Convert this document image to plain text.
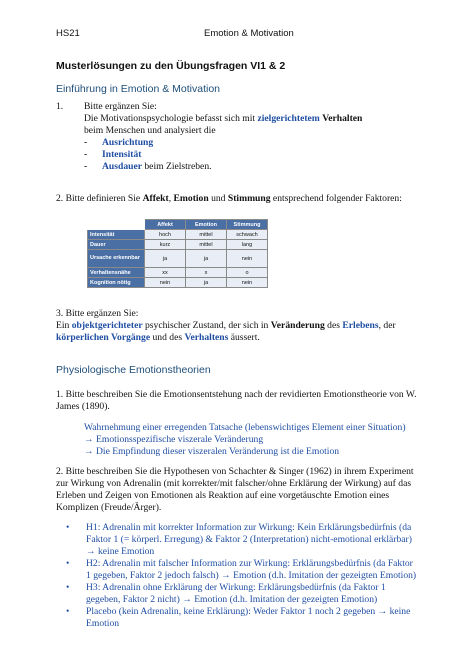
HS21	Emotion & Motivation
Musterlösungen zu den Übungsfragen VI1 & 2
Einführung in Emotion & Motivation
1. Bitte ergänzen Sie:
Die Motivationspsychologie befasst sich mit zielgerichtetem Verhalten
beim Menschen und analysiert die
- Ausrichtung
- Intensität
- Ausdauer beim Zielstreben.
2. Bitte definieren Sie Affekt, Emotion und Stimmung entsprechend folgender Faktoren:
	Affekt	Emotion	Stimmung
Intensität	hoch	mittel	schwach
Dauer	kurz	mittel	lang
Ursache erkennbar	ja	ja	nein
Verhaltensnähe	xx	x	o
Kognition nötig	nein	ja	nein
3. Bitte ergänzen Sie:
Ein objektgerichteter psychischer Zustand, der sich in Veränderung des Erlebens, der
körperlichen Vorgänge und des Verhaltens äussert.
Physiologische Emotionstheorien
1. Bitte beschreiben Sie die Emotionsentstehung nach der revidierten Emotionstheorie von W.
James (1890).
Wahrnehmung einer erregenden Tatsache (lebenswichtiges Element einer Situation)
→ Emotionsspezifische viszerale Veränderung
→ Die Empfindung dieser viszeralen Veränderung ist die Emotion
2. Bitte beschreiben Sie die Hypothesen von Schachter & Singer (1962) in ihrem Experiment
zur Wirkung von Adrenalin (mit korrekter/mit falscher/ohne Erklärung der Wirkung) auf das
Erleben und Zeigen von Emotionen als Reaktion auf eine vorgetäuschte Emotion eines
Komplizen (Freude/Ärger).
• H1: Adrenalin mit korrekter Information zur Wirkung: Kein Erklärungsbedürfnis (da
Faktor 1 (= körperl. Erregung) & Faktor 2 (Interpretation) nicht-emotional erklärbar)
→ keine Emotion
• H2: Adrenalin mit falscher Information zur Wirkung: Erklärungsbedürfnis (da Faktor
1 gegeben, Faktor 2 jedoch falsch) → Emotion (d.h. Imitation der gezeigten Emotion)
• H3: Adrenalin ohne Erklärung der Wirkung: Erklärungsbedürfnis (da Faktor 1
gegeben, Faktor 2 nicht) → Emotion (d.h. Imitation der gezeigten Emotion)
• Placebo (kein Adrenalin, keine Erklärung): Weder Faktor 1 noch 2 gegeben → keine
Emotion
